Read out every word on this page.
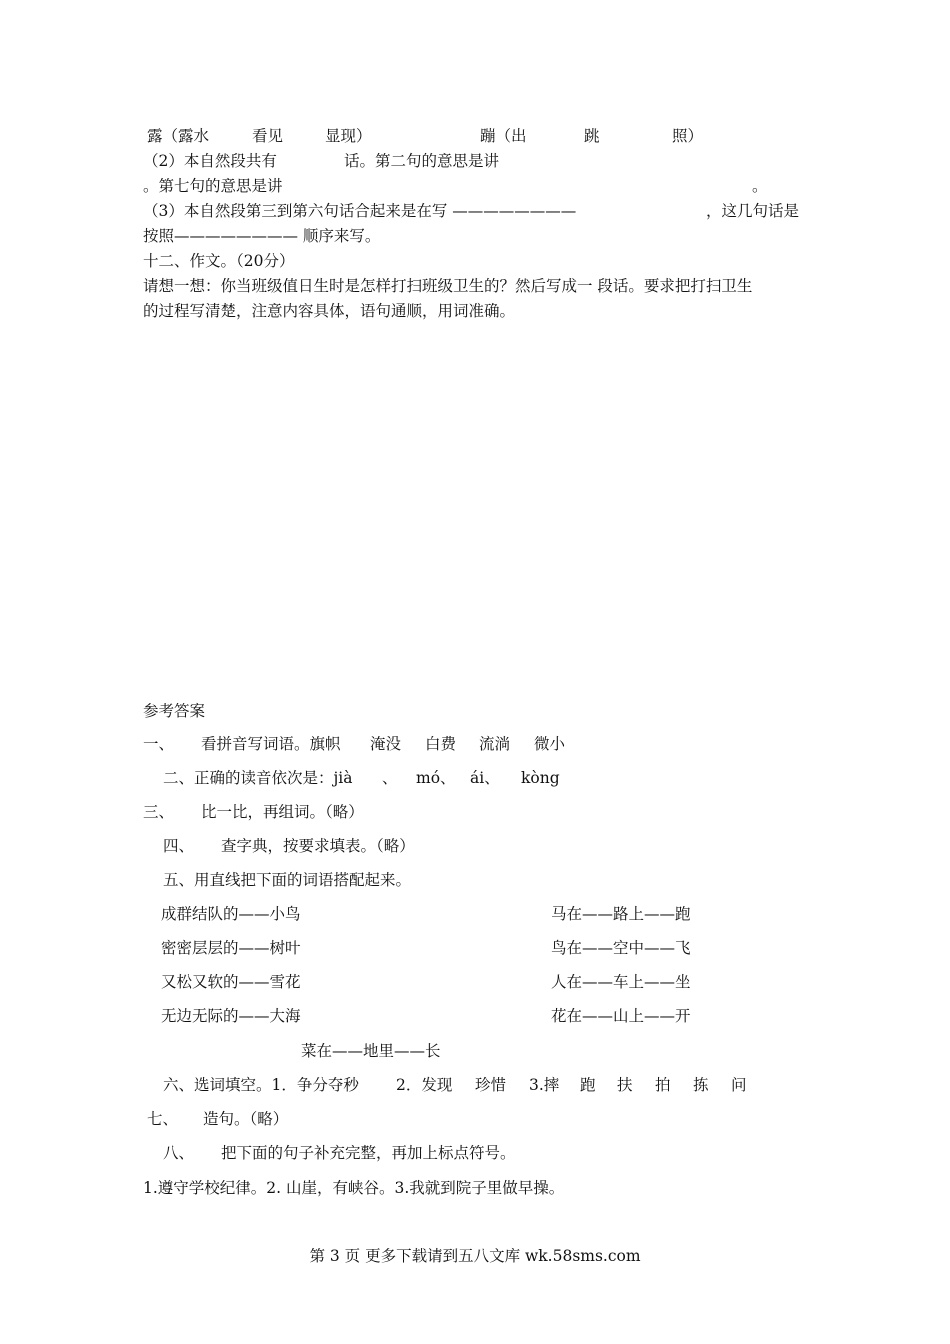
露（露水	看见	显现）	蹦（出	跳	照）
（2）本自然段共有	话。第二句的意思是讲
。第七句的意思是讲	。
（3）本自然段第三到第六句话合起来是在写 ————————	，这几句话是
按照———————— 顺序来写。
十二、作文。（20分）
请想一想：你当班级值日生时是怎样打扫班级卫生的？然后写成一 段话。要求把打扫卫生
的过程写清楚，注意内容具体，语句通顺，用词准确。
参考答案
一、 看拼音写词语。旗帜 淹没 白费 流淌 微小
二、正确的读音依次是：jià 、 mó、 ái、 kòng
三、 比一比，再组词。（略）
四、 查字典，按要求填表。（略）
五、用直线把下面的词语搭配起来。
成群结队的——小鸟
密密层层的——树叶
又松又软的——雪花
无边无际的——大海
马在——路上——跑
鸟在——空中——飞
人在——车上——坐
花在——山上——开
菜在——地里——长
六、选词填空。1．争分夺秒 2．发现 珍惜 3.摔 跑 扶 拍 拣 问
七、 造句。（略）
八、 把下面的句子补充完整，再加上标点符号。
1.遵守学校纪律。2. 山崖，有峡谷。3.我就到院子里做早操。
第 3 页 更多下载请到五八文库 wk.58sms.com
